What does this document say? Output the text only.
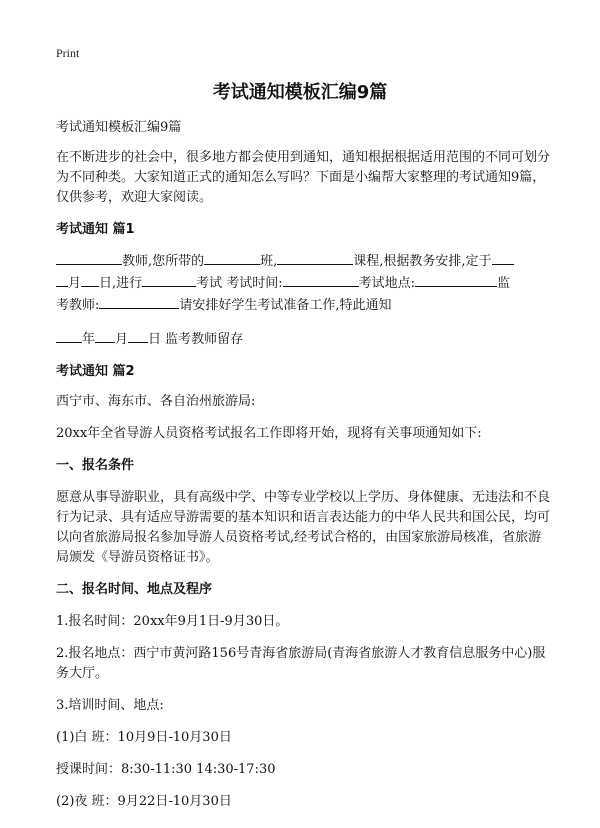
Print
考试通知模板汇编9篇

考试通知模板汇编9篇

在不断进步的社会中，很多地方都会使用到通知，通知根据根据适用范围的不同可划分为不同种类。大家知道正式的通知怎么写吗？下面是小编帮大家整理的考试通知9篇，仅供参考，欢迎大家阅读。

考试通知 篇1

教师,您所带的	班,	课程,根据教务安排,定于

月 日,进行	考试 考试时间:	考试地点:	监

考教师:	请安排好学生考试准备工作,特此通知

年 月 日 监考教师留存

考试通知 篇2

西宁市、海东市、各自治州旅游局:

20xx年全省导游人员资格考试报名工作即将开始，现将有关事项通知如下:

一、报名条件

愿意从事导游职业，具有高级中学、中等专业学校以上学历、身体健康、无违法和不良行为记录、具有适应导游需要的基本知识和语言表达能力的中华人民共和国公民，均可以向省旅游局报名参加导游人员资格考试,经考试合格的，由国家旅游局核准，省旅游局颁发《导游员资格证书》。

二、报名时间、地点及程序

1.报名时间：20xx年9月1日-9月30日。

2.报名地点：西宁市黄河路156号青海省旅游局(青海省旅游人才教育信息服务中心)服务大厅。

3.培训时间、地点:

(1)白 班：10月9日-10月30日

授课时间：8:30-11:30 14:30-17:30

(2)夜 班：9月22日-10月30日
